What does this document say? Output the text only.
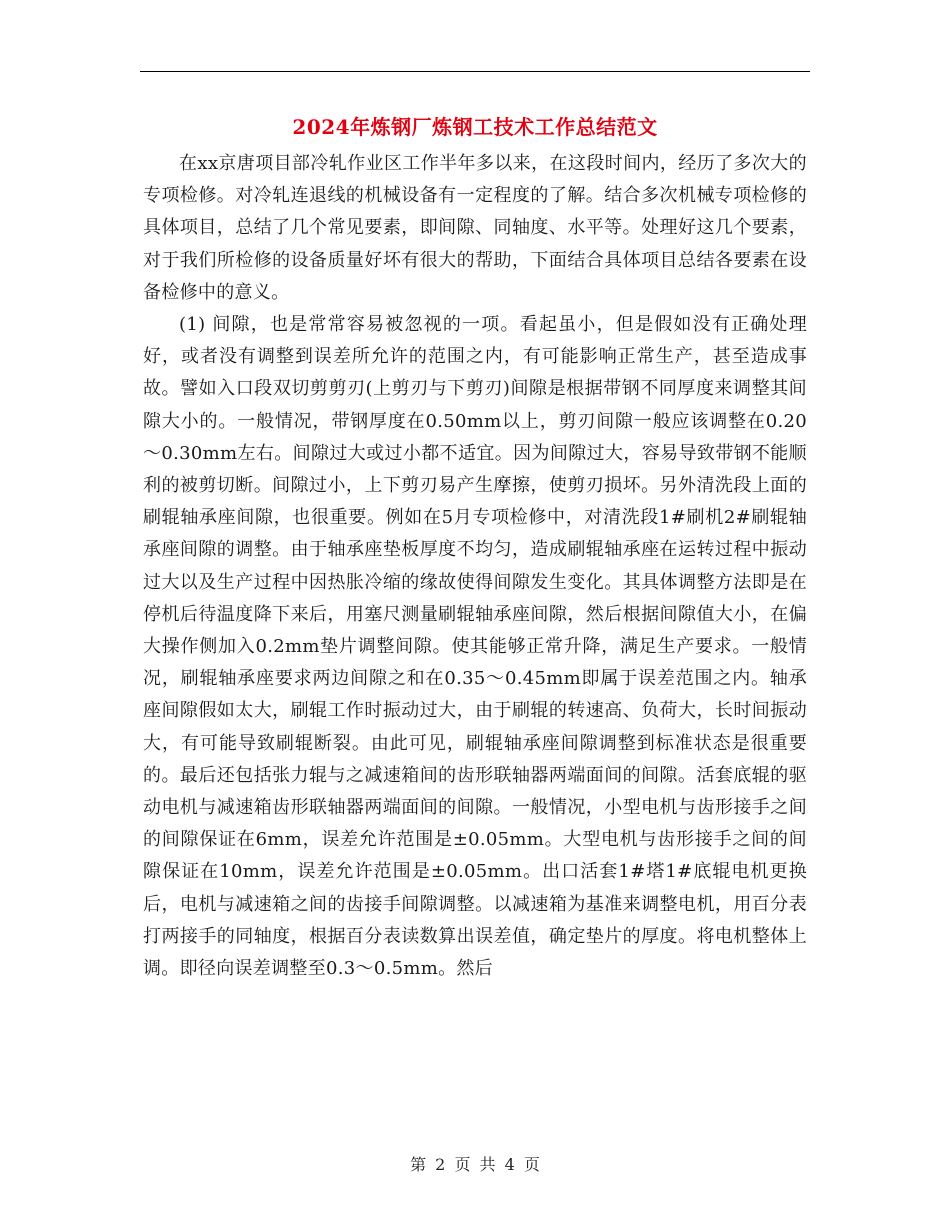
2024年炼钢厂炼钢工技术工作总结范文

在xx京唐项目部冷轧作业区工作半年多以来，在这段时间内，经历了多次大的专项检修。对冷轧连退线的机械设备有一定程度的了解。结合多次机械专项检修的具体项目，总结了几个常见要素，即间隙、同轴度、水平等。处理好这几个要素，对于我们所检修的设备质量好坏有很大的帮助，下面结合具体项目总结各要素在设备检修中的意义。

(1) 间隙，也是常常容易被忽视的一项。看起虽小，但是假如没有正确处理好，或者没有调整到误差所允许的范围之内，有可能影响正常生产，甚至造成事故。譬如入口段双切剪剪刃(上剪刃与下剪刃)间隙是根据带钢不同厚度来调整其间隙大小的。一般情况，带钢厚度在0.50mm以上，剪刃间隙一般应该调整在0.20～0.30mm左右。间隙过大或过小都不适宜。因为间隙过大，容易导致带钢不能顺利的被剪切断。间隙过小，上下剪刃易产生摩擦，使剪刃损坏。另外清洗段上面的刷辊轴承座间隙，也很重要。例如在5月专项检修中，对清洗段1#刷机2#刷辊轴承座间隙的调整。由于轴承座垫板厚度不均匀，造成刷辊轴承座在运转过程中振动过大以及生产过程中因热胀冷缩的缘故使得间隙发生变化。其具体调整方法即是在停机后待温度降下来后，用塞尺测量刷辊轴承座间隙，然后根据间隙值大小，在偏大操作侧加入0.2mm垫片调整间隙。使其能够正常升降，满足生产要求。一般情况，刷辊轴承座要求两边间隙之和在0.35～0.45mm即属于误差范围之内。轴承座间隙假如太大，刷辊工作时振动过大，由于刷辊的转速高、负荷大，长时间振动大，有可能导致刷辊断裂。由此可见，刷辊轴承座间隙调整到标准状态是很重要的。最后还包括张力辊与之减速箱间的齿形联轴器两端面间的间隙。活套底辊的驱动电机与减速箱齿形联轴器两端面间的间隙。一般情况，小型电机与齿形接手之间的间隙保证在6mm，误差允许范围是±0.05mm。大型电机与齿形接手之间的间隙保证在10mm，误差允许范围是±0.05mm。出口活套1#塔1#底辊电机更换后，电机与减速箱之间的齿接手间隙调整。以减速箱为基准来调整电机，用百分表打两接手的同轴度，根据百分表读数算出误差值，确定垫片的厚度。将电机整体上调。即径向误差调整至0.3～0.5mm。然后

第 2 页 共 4 页
